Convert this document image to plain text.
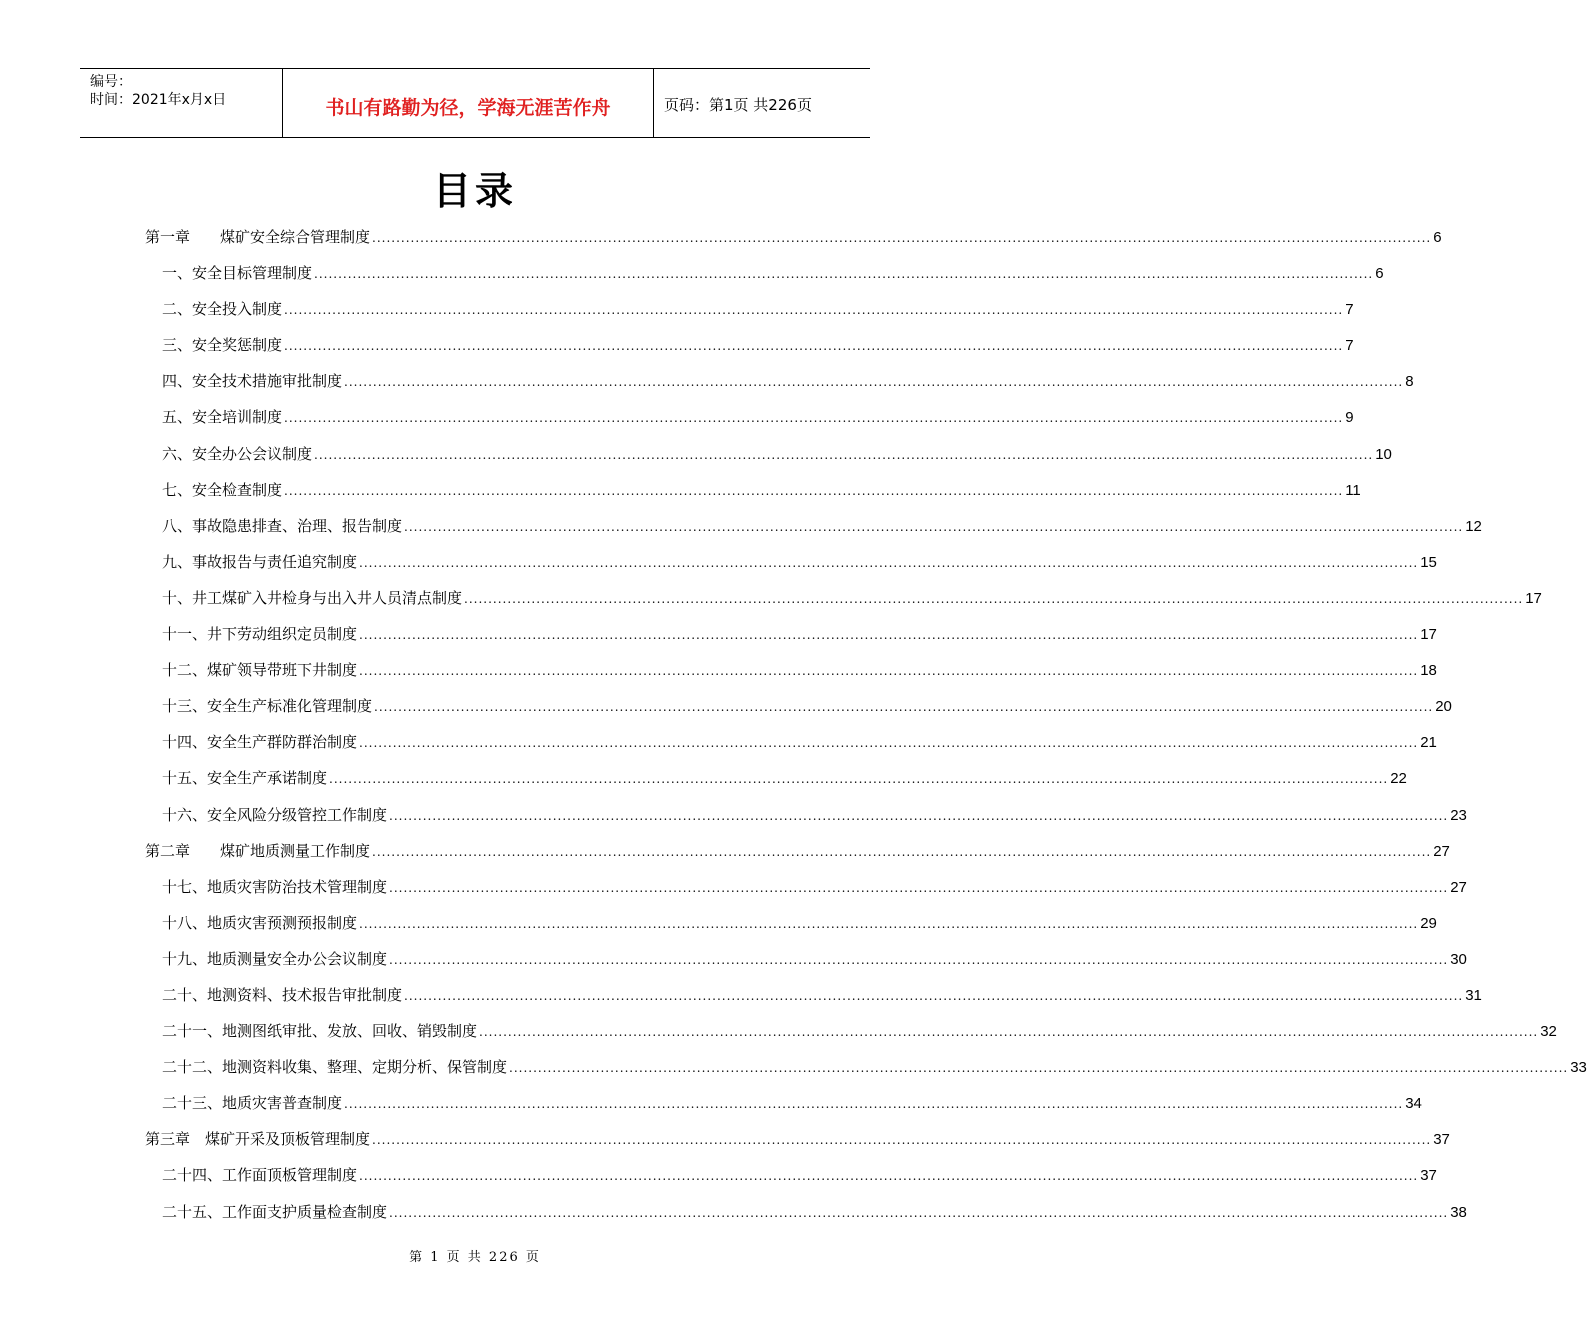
编号：
时间：2021年x月x日	书山有路勤为径，学海无涯苦作舟	页码：第1页 共226页
目录
第一章　　煤矿安全综合管理制度 ............................................................................................................................................................................................................................ 6
一、安全目标管理制度 ............................................................................................................................................................................................................................ 6
二、安全投入制度 ............................................................................................................................................................................................................................ 7
三、安全奖惩制度 ............................................................................................................................................................................................................................ 7
四、安全技术措施审批制度 ............................................................................................................................................................................................................................ 8
五、安全培训制度 ............................................................................................................................................................................................................................ 9
六、安全办公会议制度 ............................................................................................................................................................................................................................ 10
七、安全检查制度 ............................................................................................................................................................................................................................ 11
八、事故隐患排查、治理、报告制度 ............................................................................................................................................................................................................................ 12
九、事故报告与责任追究制度 ............................................................................................................................................................................................................................ 15
十、井工煤矿入井检身与出入井人员清点制度 ............................................................................................................................................................................................................................ 17
十一、井下劳动组织定员制度 ............................................................................................................................................................................................................................ 17
十二、煤矿领导带班下井制度 ............................................................................................................................................................................................................................ 18
十三、安全生产标准化管理制度 ............................................................................................................................................................................................................................ 20
十四、安全生产群防群治制度 ............................................................................................................................................................................................................................ 21
十五、安全生产承诺制度 ............................................................................................................................................................................................................................ 22
十六、安全风险分级管控工作制度 ............................................................................................................................................................................................................................ 23
第二章　　煤矿地质测量工作制度 ............................................................................................................................................................................................................................ 27
十七、地质灾害防治技术管理制度 ............................................................................................................................................................................................................................ 27
十八、地质灾害预测预报制度 ............................................................................................................................................................................................................................ 29
十九、地质测量安全办公会议制度 ............................................................................................................................................................................................................................ 30
二十、地测资料、技术报告审批制度 ............................................................................................................................................................................................................................ 31
二十一、地测图纸审批、发放、回收、销毁制度 ............................................................................................................................................................................................................................ 32
二十二、地测资料收集、整理、定期分析、保管制度 ............................................................................................................................................................................................................................ 33
二十三、地质灾害普查制度 ............................................................................................................................................................................................................................ 34
第三章　煤矿开采及顶板管理制度 ............................................................................................................................................................................................................................ 37
二十四、工作面顶板管理制度 ............................................................................................................................................................................................................................ 37
二十五、工作面支护质量检查制度 ............................................................................................................................................................................................................................ 38
第 1 页 共 226 页
